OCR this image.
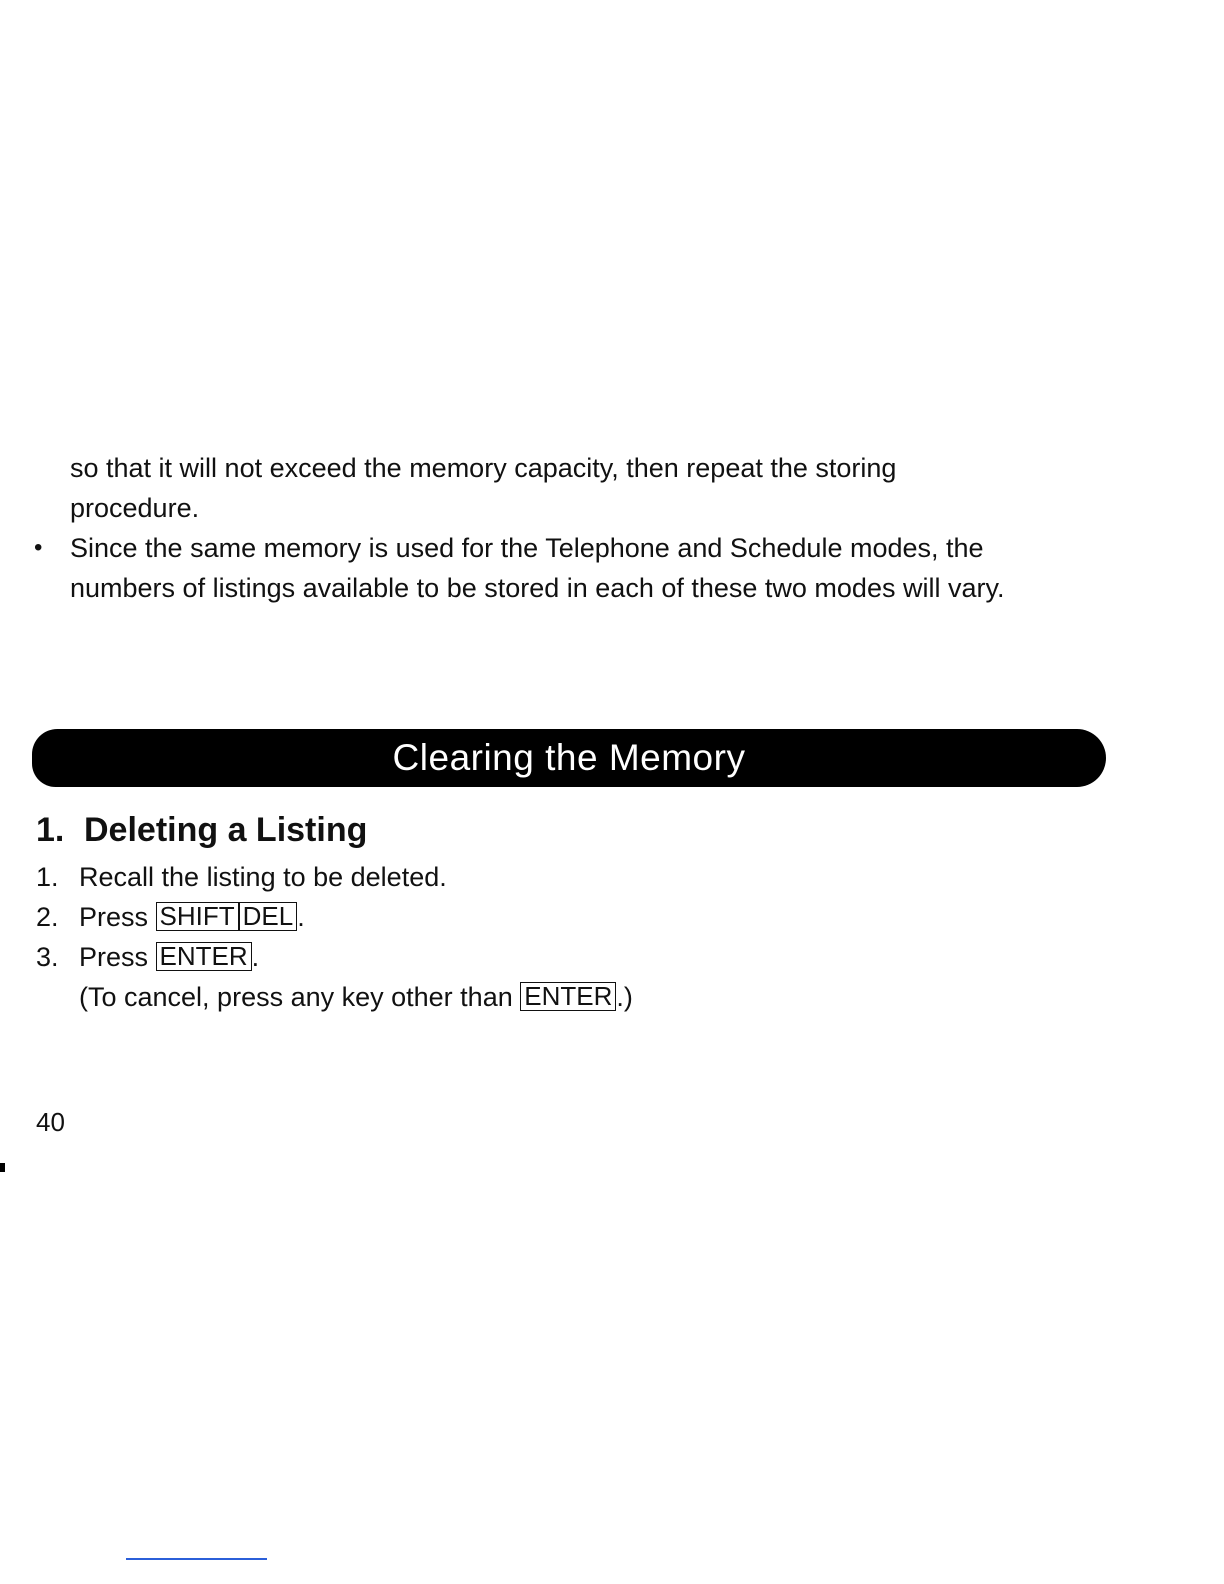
so that it will not exceed the memory capacity, then repeat the storing
procedure.

•	Since the same memory is used for the Telephone and Schedule modes, the numbers of listings available to be stored in each of these two modes will vary.

Clearing the Memory
1. Deleting a Listing
1. Recall the listing to be deleted.
2. Press SHIFT DEL .
3. Press ENTER .
(To cancel, press any key other than ENTER .)
40
